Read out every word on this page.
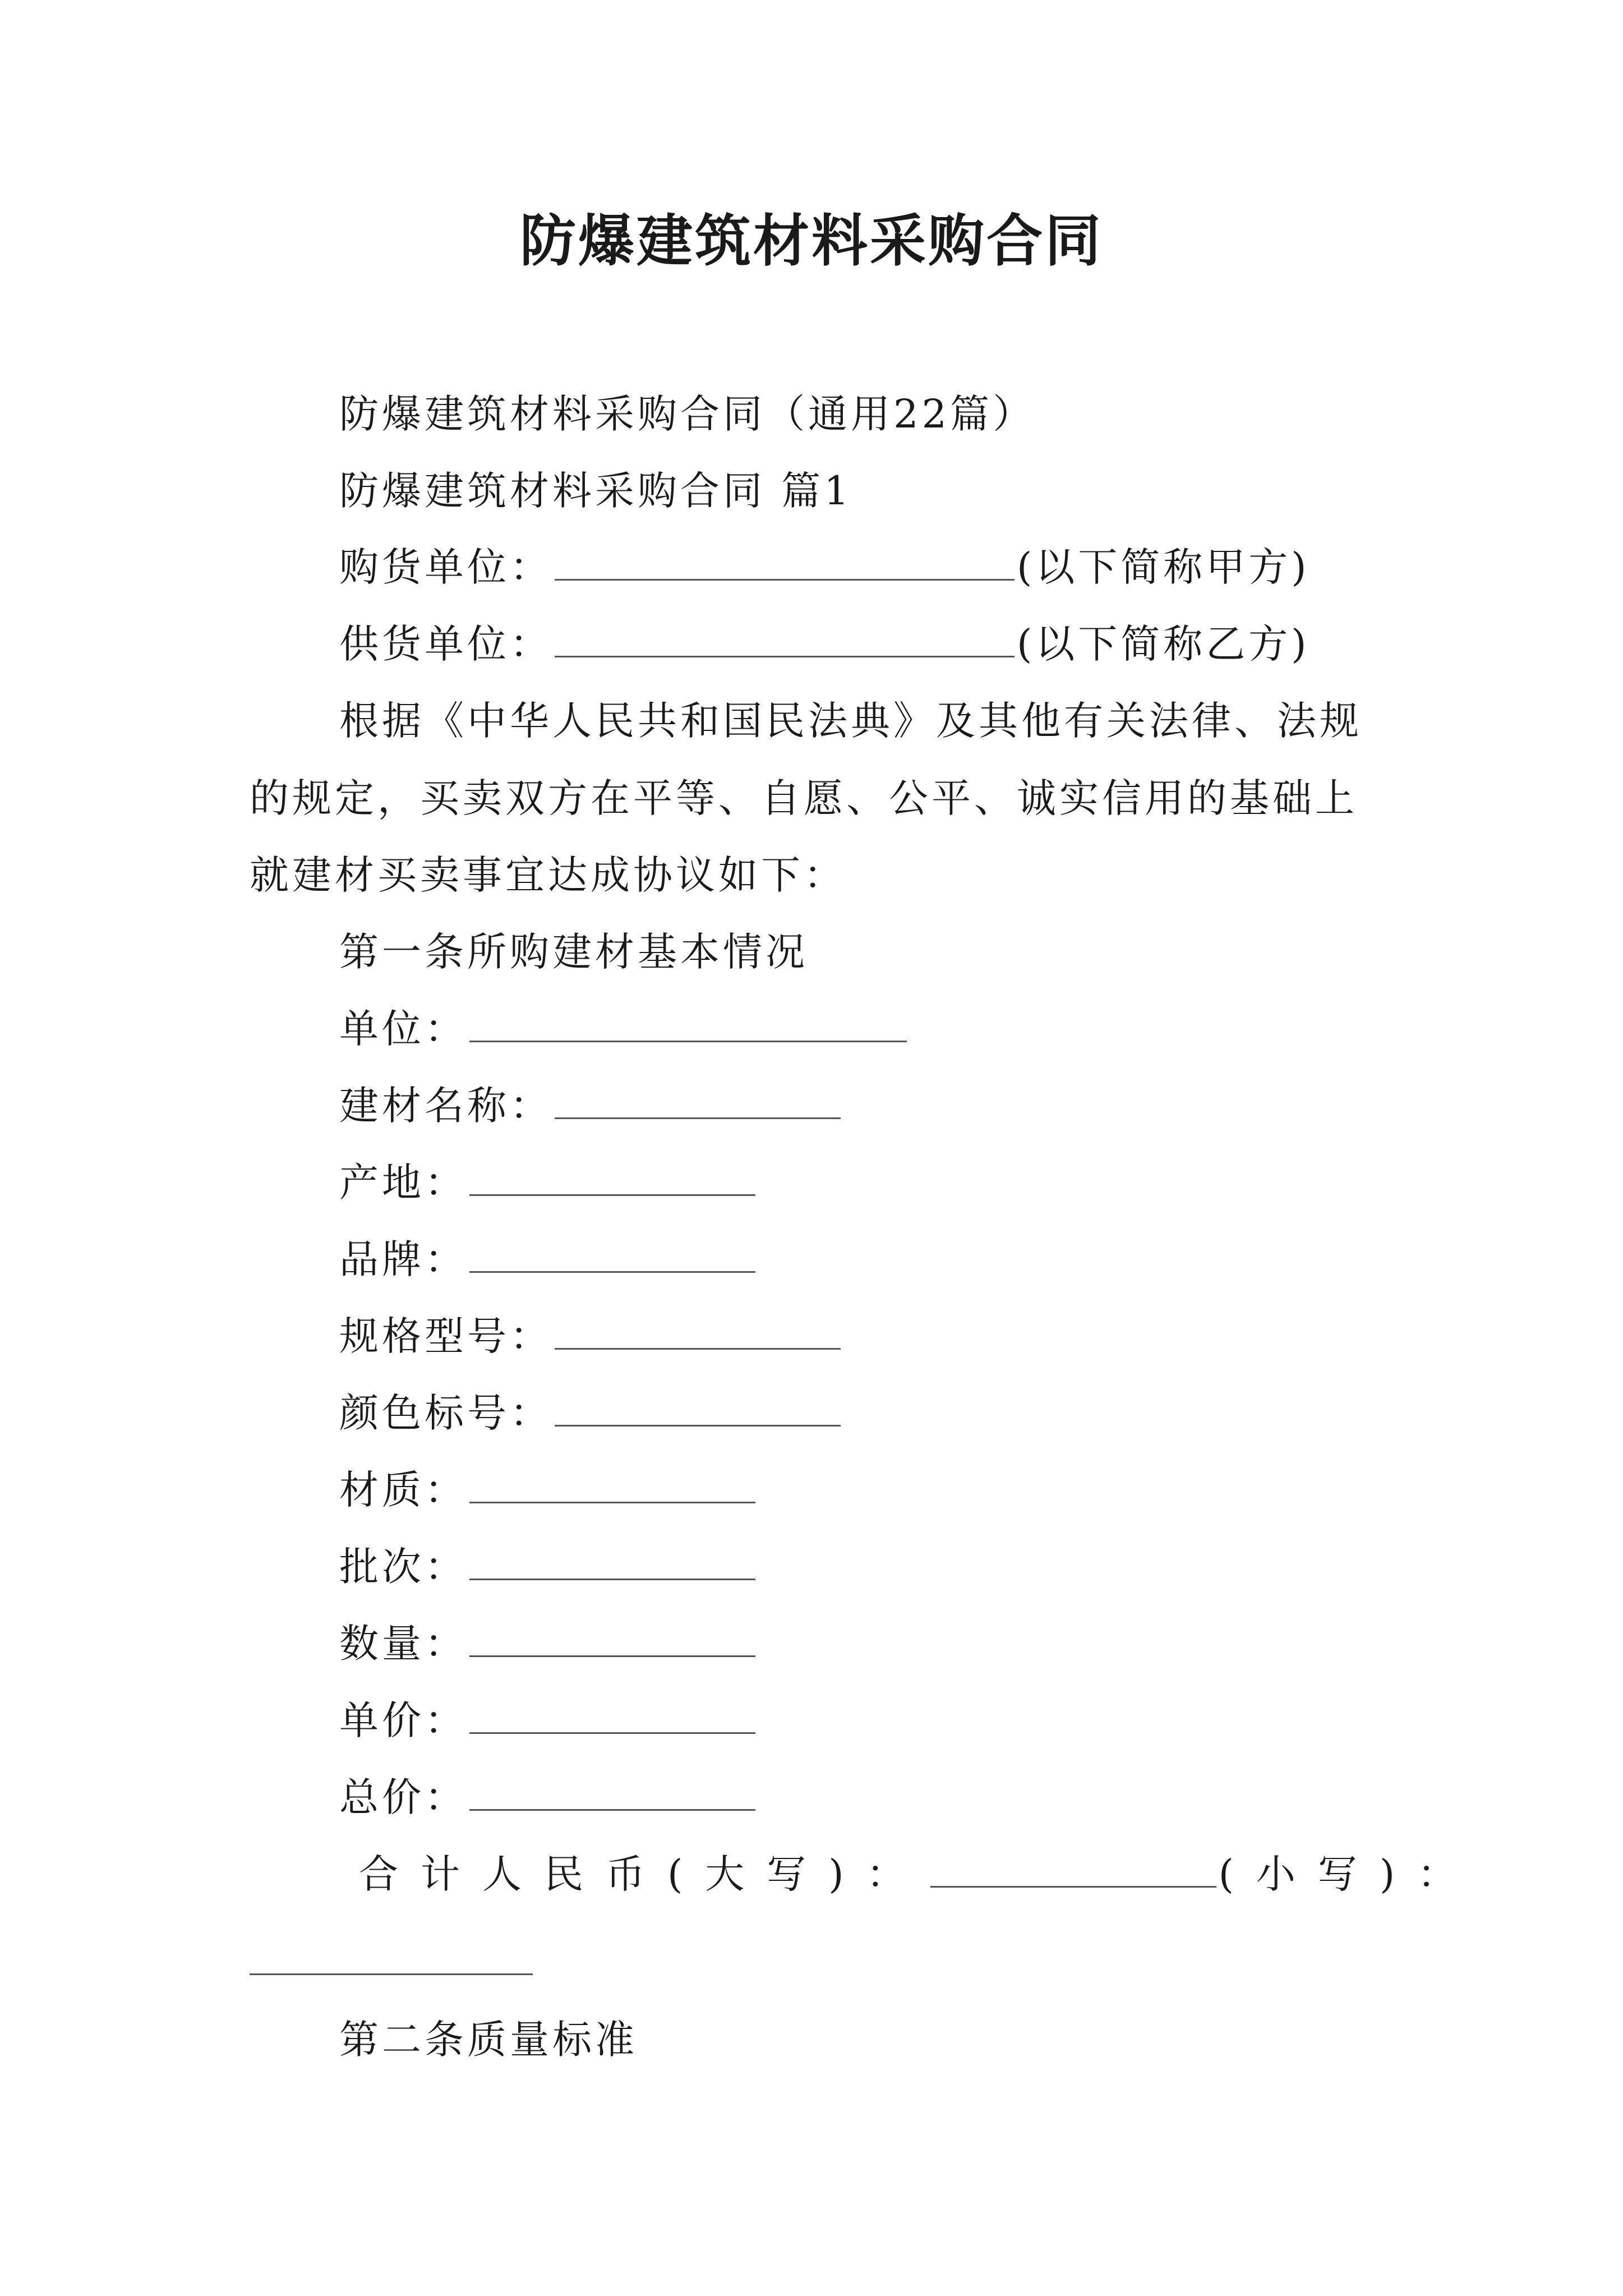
防爆建筑材料采购合同
防爆建筑材料采购合同（通用22篇）
防爆建筑材料采购合同 篇1
购货单位：	(以下简称甲方)
供货单位：	(以下简称乙方)
根据《中华人民共和国民法典》及其他有关法律、法规
的规定，买卖双方在平等、自愿、公平、诚实信用的基础上
就建材买卖事宜达成协议如下：
第一条所购建材基本情况
单位：
建材名称：
产地：
品牌：
规格型号：
颜色标号：
材质：
批次：
数量：
单价：
总价：
合计人民币(大写)：	(小写)：
第二条质量标准
